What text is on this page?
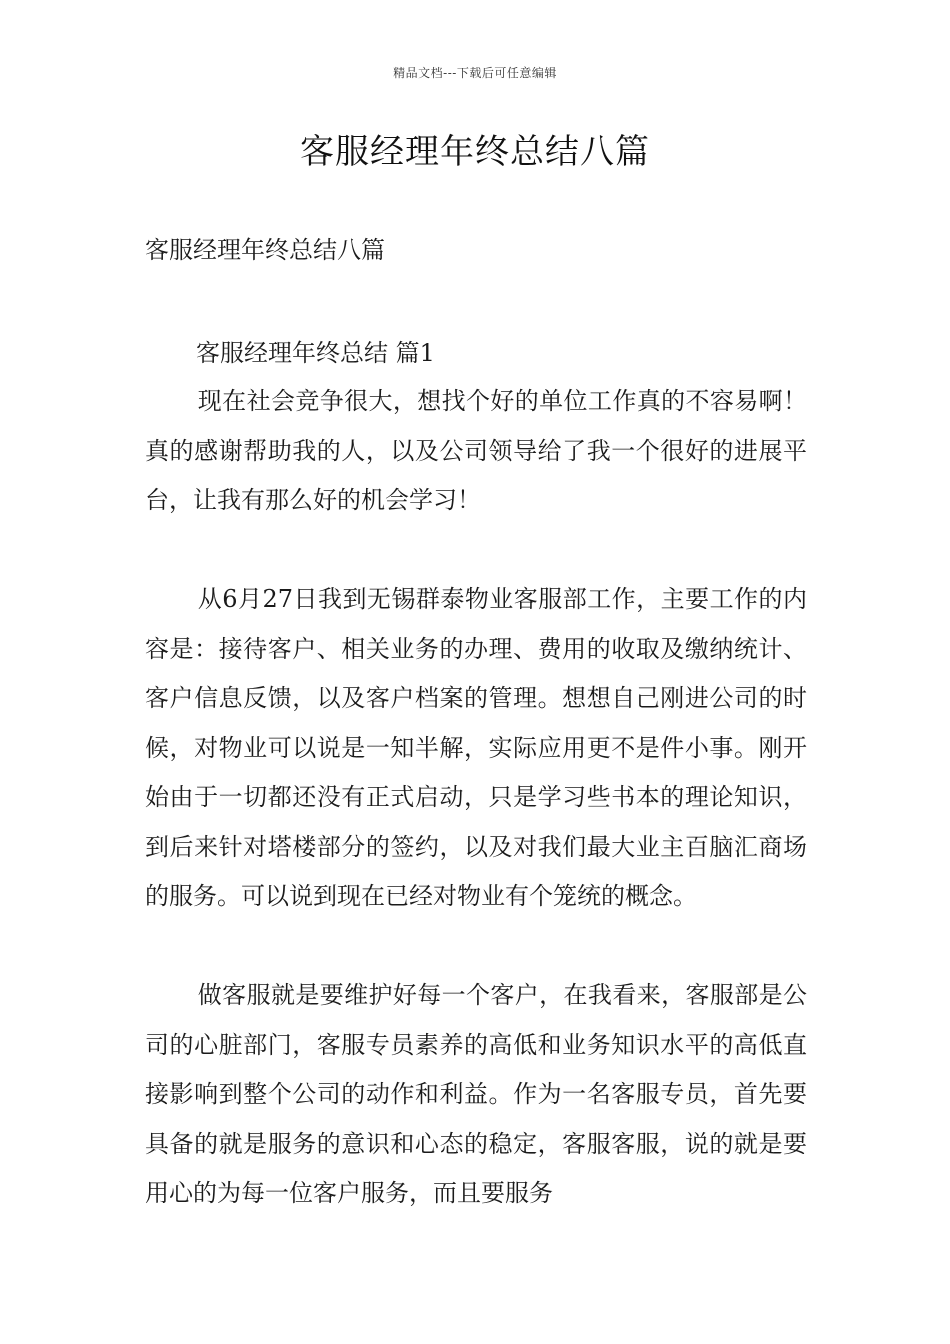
精品文档---下载后可任意编辑
客服经理年终总结八篇
客服经理年终总结八篇
客服经理年终总结 篇1

现在社会竞争很大，想找个好的单位工作真的不容易啊！真的感谢帮助我的人，以及公司领导给了我一个很好的进展平台，让我有那么好的机会学习！

从6月27日我到无锡群泰物业客服部工作，主要工作的内容是：接待客户、相关业务的办理、费用的收取及缴纳统计、客户信息反馈，以及客户档案的管理。想想自己刚进公司的时候，对物业可以说是一知半解，实际应用更不是件小事。刚开始由于一切都还没有正式启动，只是学习些书本的理论知识，到后来针对塔楼部分的签约，以及对我们最大业主百脑汇商场的服务。可以说到现在已经对物业有个笼统的概念。

做客服就是要维护好每一个客户，在我看来，客服部是公司的心脏部门，客服专员素养的高低和业务知识水平的高低直接影响到整个公司的动作和利益。作为一名客服专员，首先要具备的就是服务的意识和心态的稳定，客服客服，说的就是要用心的为每一位客户服务，而且要服务
